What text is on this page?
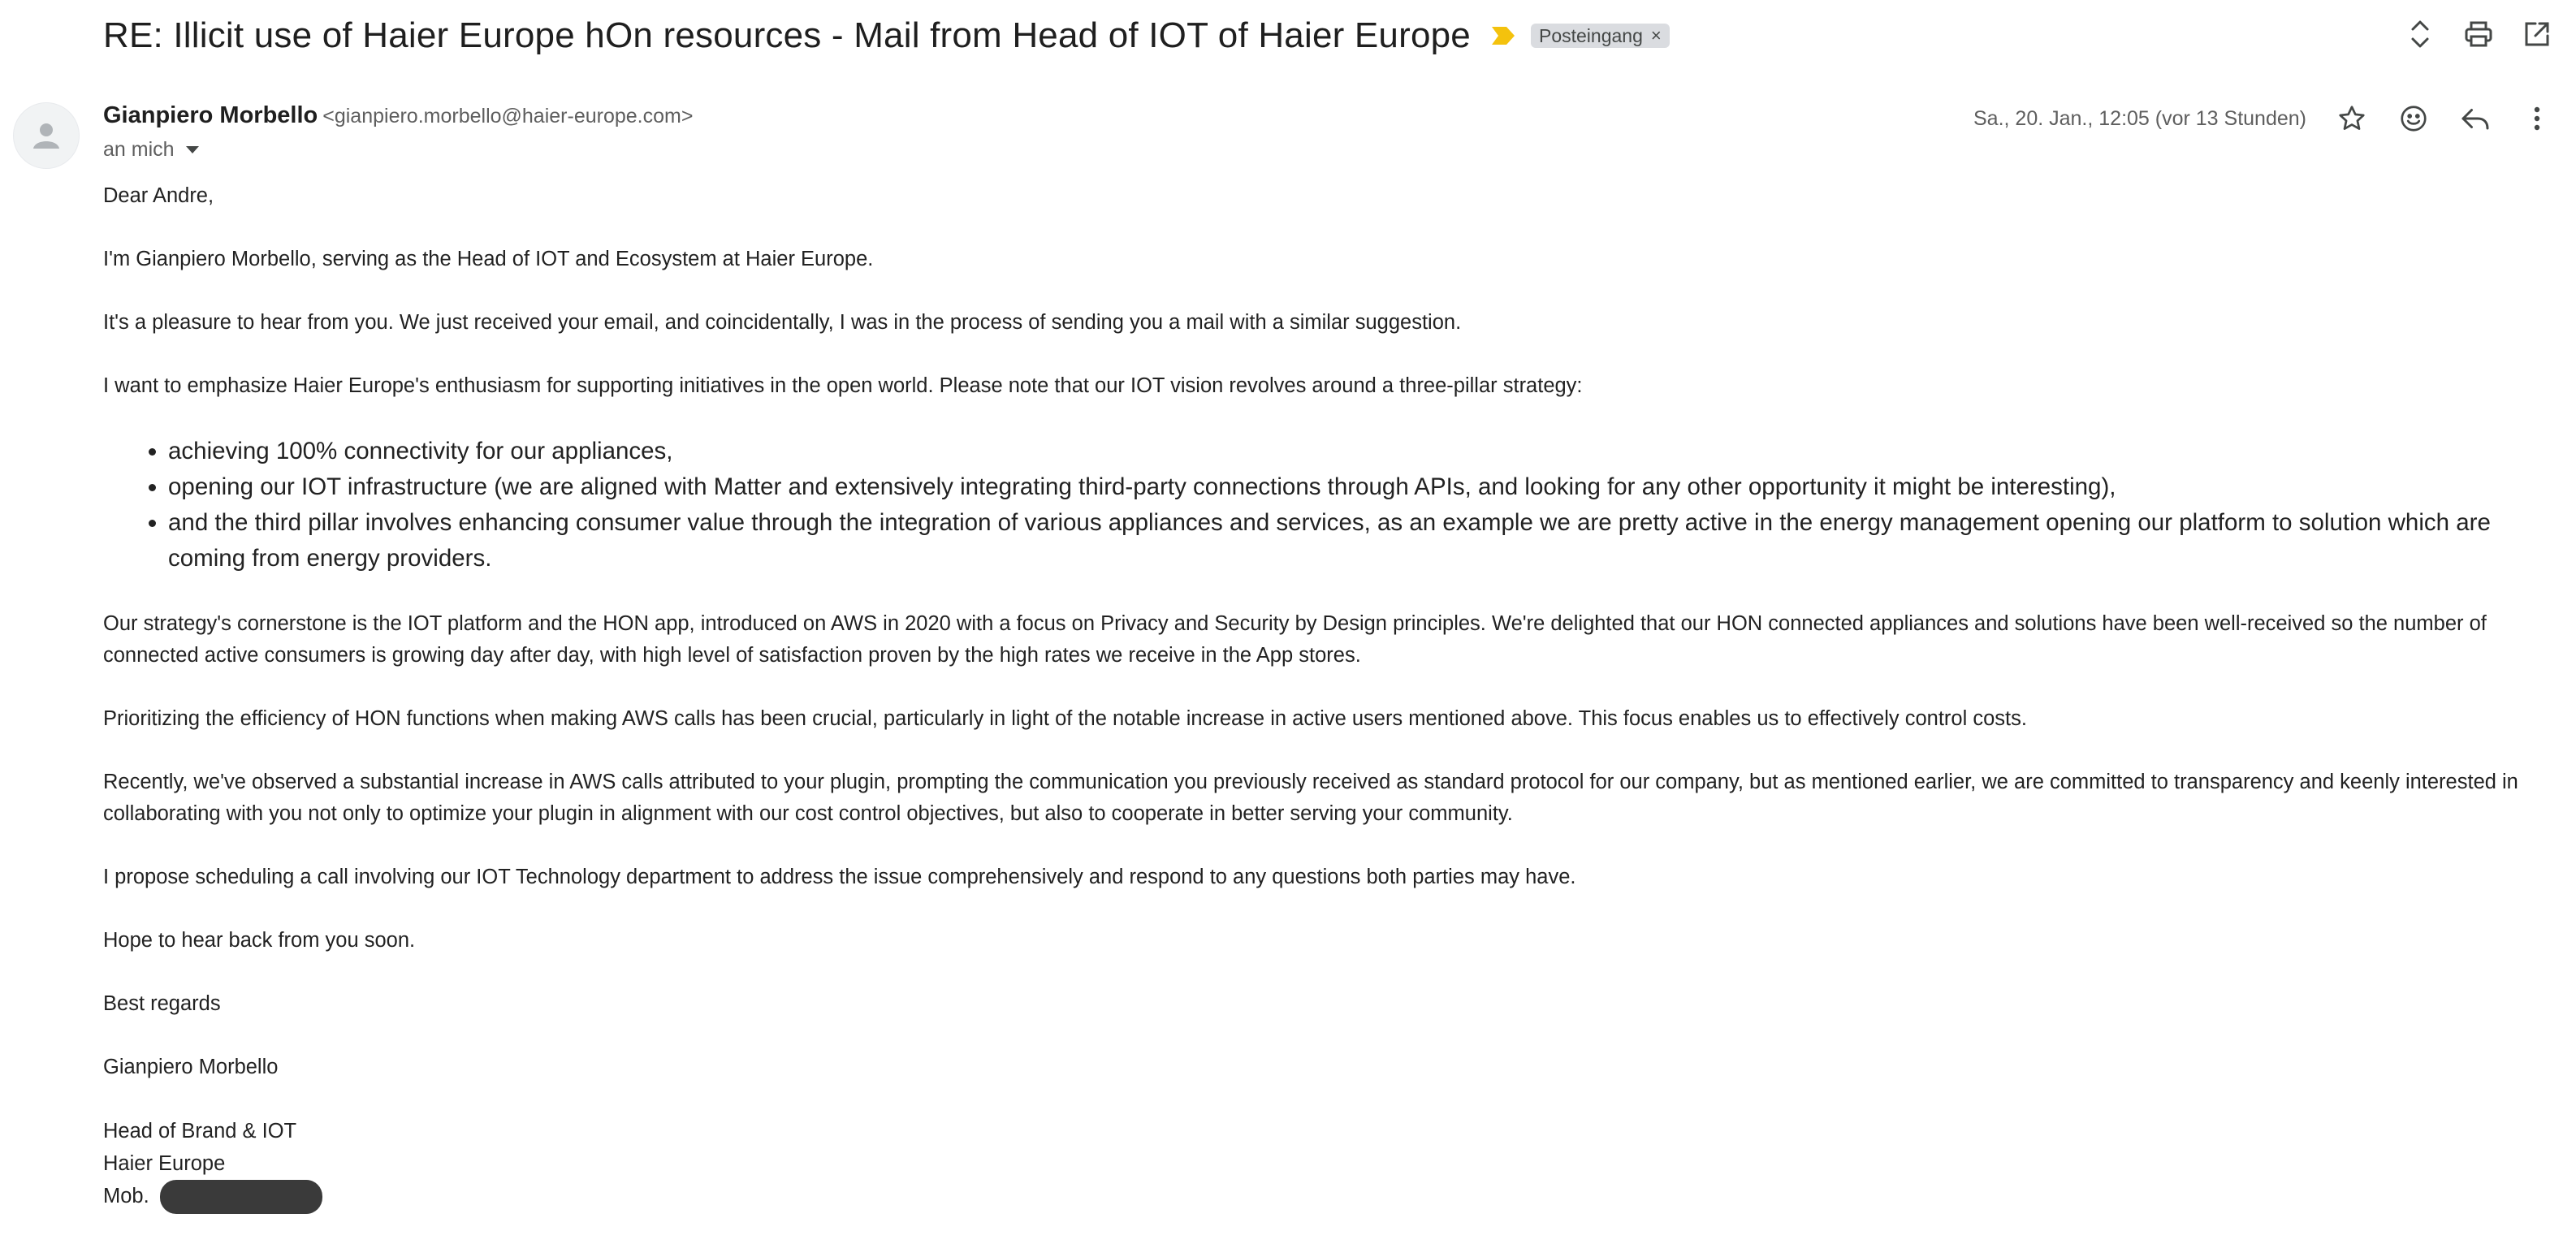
RE: Illicit use of Haier Europe hOn resources - Mail from Head of IOT of Haier Europe	Posteingang ×
Gianpiero Morbello <gianpiero.morbello@haier-europe.com>
an mich
Sa., 20. Jan., 12:05 (vor 13 Stunden)

Dear Andre,

I'm Gianpiero Morbello, serving as the Head of IOT and Ecosystem at Haier Europe.

It's a pleasure to hear from you. We just received your email, and coincidentally, I was in the process of sending you a mail with a similar suggestion.

I want to emphasize Haier Europe's enthusiasm for supporting initiatives in the open world. Please note that our IOT vision revolves around a three-pillar strategy:

• achieving 100% connectivity for our appliances,
• opening our IOT infrastructure (we are aligned with Matter and extensively integrating third-party connections through APIs, and looking for any other opportunity it might be interesting),
• and the third pillar involves enhancing consumer value through the integration of various appliances and services, as an example we are pretty active in the energy management opening our platform to solution which are coming from energy providers.

Our strategy's cornerstone is the IOT platform and the HON app, introduced on AWS in 2020 with a focus on Privacy and Security by Design principles. We're delighted that our HON connected appliances and solutions have been well-received so the number of connected active consumers is growing day after day, with high level of satisfaction proven by the high rates we receive in the App stores.

Prioritizing the efficiency of HON functions when making AWS calls has been crucial, particularly in light of the notable increase in active users mentioned above. This focus enables us to effectively control costs.

Recently, we've observed a substantial increase in AWS calls attributed to your plugin, prompting the communication you previously received as standard protocol for our company, but as mentioned earlier, we are committed to transparency and keenly interested in collaborating with you not only to optimize your plugin in alignment with our cost control objectives, but also to cooperate in better serving your community.

I propose scheduling a call involving our IOT Technology department to address the issue comprehensively and respond to any questions both parties may have.

Hope to hear back from you soon.

Best regards

Gianpiero Morbello

Head of Brand & IOT
Haier Europe
Mob.
